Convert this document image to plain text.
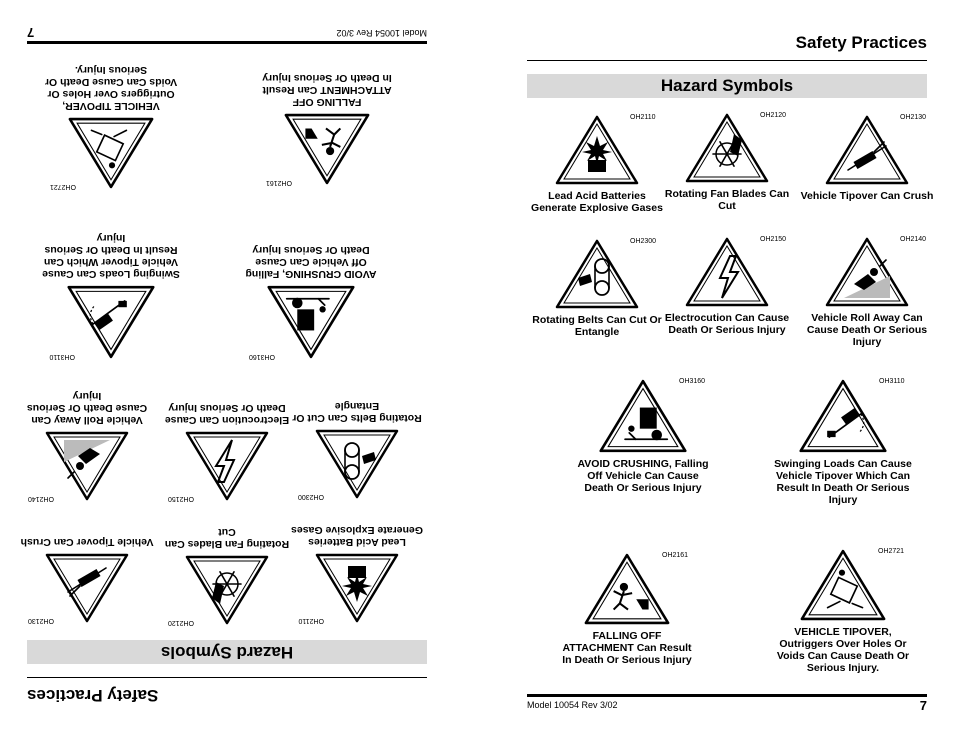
Safety Practices
Hazard Symbols
OH2110
Lead Acid Batteries Generate Explosive Gases
OH2120
Rotating Fan Blades Can Cut
OH2130
Vehicle Tipover Can Crush
OH2300
Rotating Belts Can Cut Or Entangle
OH2150
Electrocution Can Cause Death Or Serious Injury
OH2140
Vehicle Roll Away Can Cause Death Or Serious Injury
OH3160
AVOID CRUSHING, Falling Off Vehicle Can Cause Death Or Serious Injury
OH3110
Swinging Loads Can Cause Vehicle Tipover Which Can Result In Death Or Serious Injury
OH2161
FALLING OFF ATTACHMENT Can Result In Death Or Serious Injury
OH2721
VEHICLE TIPOVER, Outriggers Over Holes Or Voids Can Cause Death Or Serious Injury.
Model 10054 Rev 3/02
7
Safety Practices
Hazard Symbols
OH2110
Lead Acid Batteries Generate Explosive Gases
OH2120
Rotating Fan Blades Can Cut
OH2130
Vehicle Tipover Can Crush
OH2300
Rotating Belts Can Cut Or Entangle
OH2150
Electrocution Can Cause Death Or Serious Injury
OH2140
Vehicle Roll Away Can Cause Death Or Serious Injury
OH3160
AVOID CRUSHING, Falling Off Vehicle Can Cause Death Or Serious Injury
OH3110
Swinging Loads Can Cause Vehicle Tipover Which Can Result In Death Or Serious Injury
OH2161
FALLING OFF ATTACHMENT Can Result In Death Or Serious Injury
OH2721
VEHICLE TIPOVER, Outriggers Over Holes Or Voids Can Cause Death Or Serious Injury.
Model 10054 Rev 3/02	7
